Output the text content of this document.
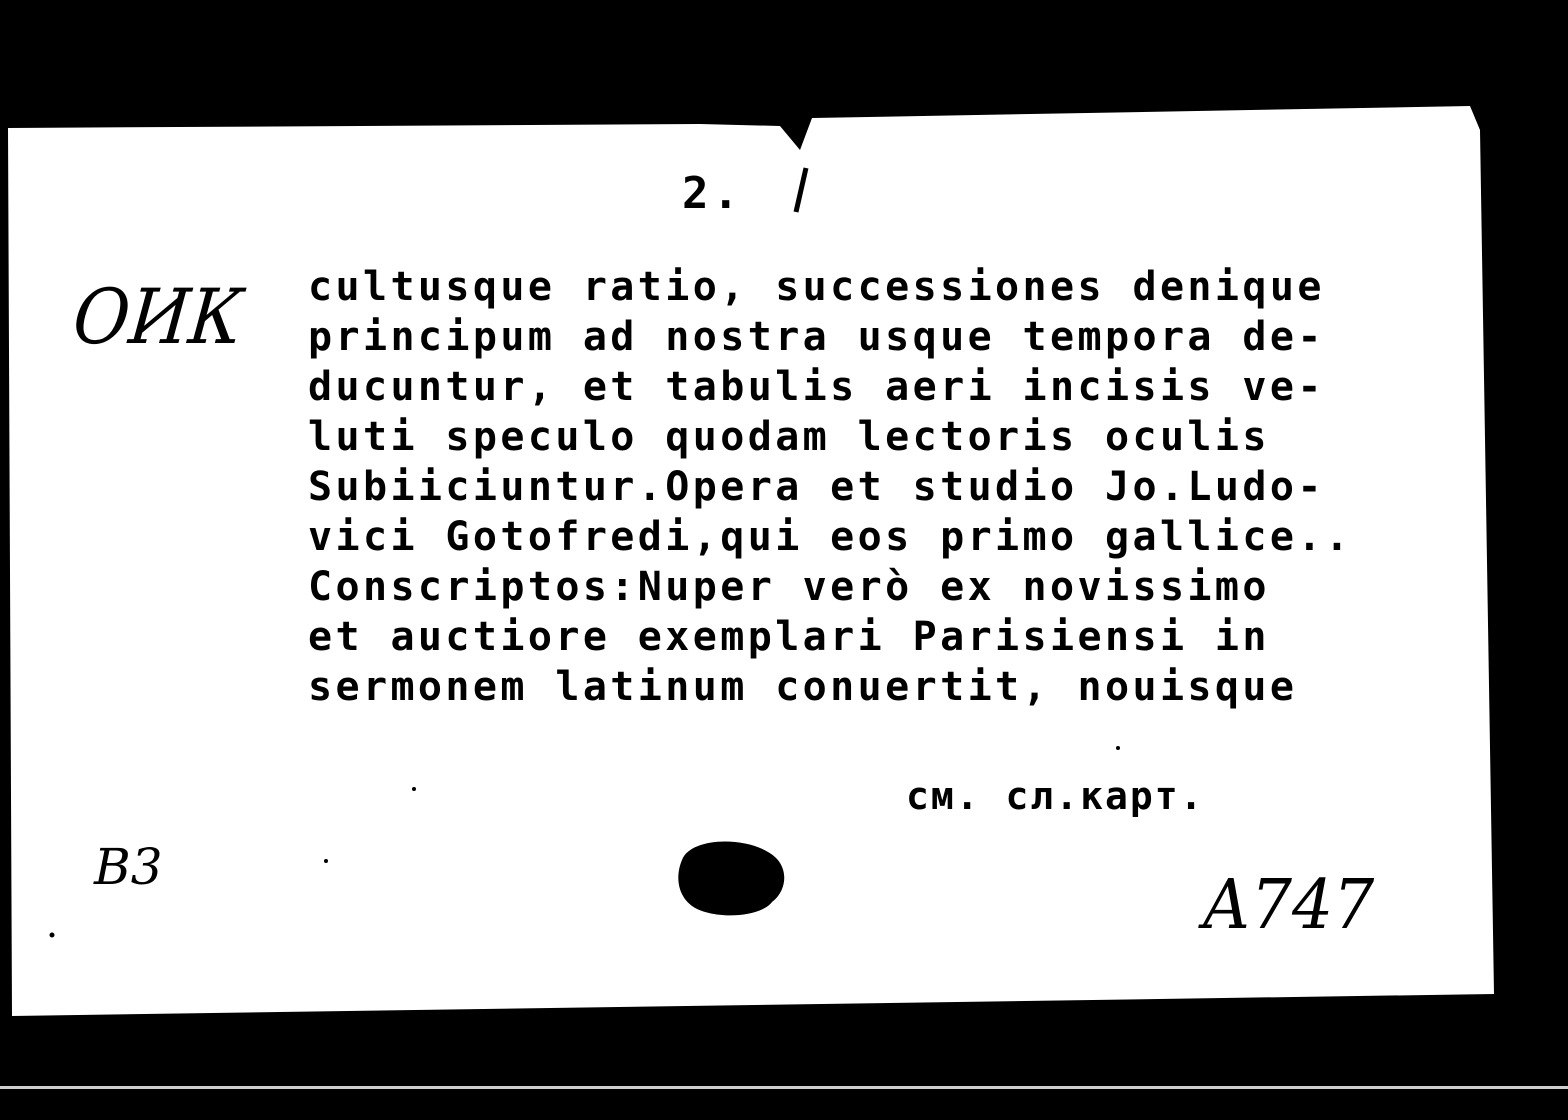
2.
cultusque ratio, successiones denique
principum ad nostra usque tempora de-
ducuntur, et tabulis aeri incisis ve-
luti speculo quodam lectoris oculis
Subiiciuntur.Opera et studio Jo.Ludo-
vici Gotofredi,qui eos primo gallice..
Conscriptos:Nuper verò ex novissimo
et auctiore exemplari Parisiensi in
sermonem latinum conuertit, nouisque
см. сл.карт.
ОИК
В3	А747
